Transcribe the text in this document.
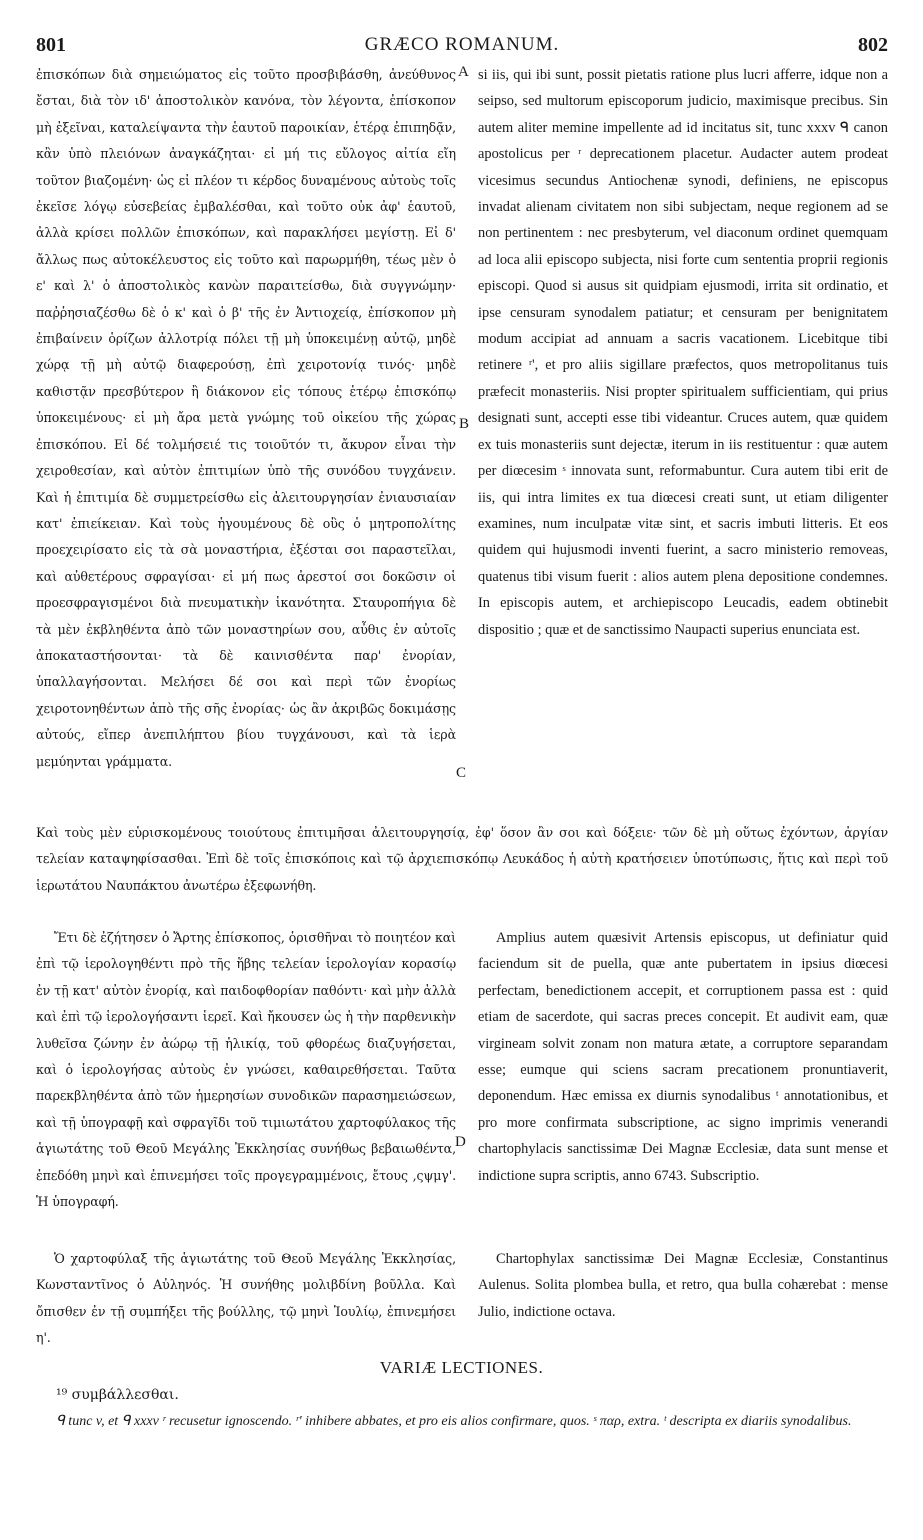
801	GRÆCO ROMANUM.	802
A
B
C
D

ἐπισκόπων διὰ σημειώματος εἰς τοῦτο προσβιβάσθη, ἀνεύθυνος ἔσται, διὰ τὸν ιδ' ἀποστολικὸν κανόνα, τὸν λέγοντα, ἐπίσκοπον μὴ ἐξεῖναι, καταλείψαντα τὴν ἑαυτοῦ παροικίαν, ἑτέρᾳ ἐπιπηδᾷν, κἂν ὑπὸ πλειόνων ἀναγκάζηται· εἰ μή τις εὔλογος αἰτία εἴη τοῦτον βιαζομένη· ὡς εἰ πλέον τι κέρδος δυναμένους αὐτοὺς τοῖς ἐκεῖσε λόγῳ εὐσεβείας ἐμβαλέσθαι, καὶ τοῦτο οὐκ ἀφ' ἑαυτοῦ, ἀλλὰ κρίσει πολλῶν ἐπισκόπων, καὶ παρακλήσει μεγίστῃ. Εἰ δ' ἄλλως πως αὐτοκέλευστος εἰς τοῦτο καὶ παρωρμήθη, τέως μὲν ὁ ε' καὶ λ' ὁ ἀποστολικὸς κανὼν παραιτείσθω, διὰ συγγνώμην· παῤῥησιαζέσθω δὲ ὁ κ' καὶ ὁ β' τῆς ἐν Ἀντιοχείᾳ, ἐπίσκοπον μὴ ἐπιβαίνειν ὁρίζων ἀλλοτρίᾳ πόλει τῇ μὴ ὑποκειμένῃ αὐτῷ, μηδὲ χώρᾳ τῇ μὴ αὐτῷ διαφερούσῃ, ἐπὶ χειροτονίᾳ τινός· μηδὲ καθιστᾷν πρεσβύτερον ἢ διάκονον εἰς τόπους ἑτέρῳ ἐπισκόπῳ ὑποκειμένους· εἰ μὴ ἄρα μετὰ γνώμης τοῦ οἰκείου τῆς χώρας ἐπισκόπου. Εἰ δέ τολμήσειέ τις τοιοῦτόν τι, ἄκυρον εἶναι τὴν χειροθεσίαν, καὶ αὐτὸν ἐπιτιμίων ὑπὸ τῆς συνόδου τυγχάνειν. Καὶ ἡ ἐπιτιμία δὲ συμμετρείσθω εἰς ἀλειτουργησίαν ἐνιαυσιαίαν κατ' ἐπιείκειαν. Καὶ τοὺς ἡγουμένους δὲ οὓς ὁ μητροπολίτης προεχειρίσατο εἰς τὰ σὰ μοναστήρια, ἐξέσται σοι παραστεῖλαι, καὶ αὐθετέρους σφραγίσαι· εἰ μή πως ἀρεστοί σοι δοκῶσιν οἱ προεσφραγισμένοι διὰ πνευματικὴν ἱκανότητα. Σταυροπήγια δὲ τὰ μὲν ἐκβληθέντα ἀπὸ τῶν μοναστηρίων σου, αὖθις ἐν αὐτοῖς ἀποκαταστήσονται· τὰ δὲ καινισθέντα παρ' ἐνορίαν, ὑπαλλαγήσονται. Μελήσει δέ σοι καὶ περὶ τῶν ἐνορίως χειροτονηθέντων ἀπὸ τῆς σῆς ἐνορίας· ὡς ἂν ἀκριβῶς δοκιμάσῃς αὐτούς, εἴπερ ἀνεπιλήπτου βίου τυγχάνουσι, καὶ τὰ ἱερὰ μεμύηνται γράμματα.

si iis, qui ibi sunt, possit pietatis ratione plus lucri afferre, idque non a seipso, sed multorum episcoporum judicio, maximisque precibus. Sin autem aliter memine impellente ad id incitatus sit, tunc xxxv ᑫ canon apostolicus per ʳ deprecationem placetur. Audacter autem prodeat vicesimus secundus Antiochenæ synodi, definiens, ne episcopus invadat alienam civitatem non sibi subjectam, neque regionem ad se non pertinentem : nec presbyterum, vel diaconum ordinet quemquam ad loca alii episcopo subjecta, nisi forte cum sententia proprii regionis episcopi. Quod si ausus sit quidpiam ejusmodi, irrita sit ordinatio, et ipse censuram synodalem patiatur; et censuram per benignitatem modum accipiat ad annuam a sacris vacationem. Licebitque tibi retinere ʳ', et pro aliis sigillare præfectos, quos metropolitanus tuis præfecit monasteriis. Nisi propter spiritualem sufficientiam, qui prius designati sunt, accepti esse tibi videantur. Cruces autem, quæ quidem ex tuis monasteriis sunt dejectæ, iterum in iis restituentur : quæ autem per diœcesim ˢ innovata sunt, reformabuntur. Cura autem tibi erit de iis, qui intra limites ex tua diœcesi creati sunt, ut etiam diligenter examines, num inculpatæ vitæ sint, et sacris imbuti litteris. Et eos quidem qui hujusmodi inventi fuerint, a sacro ministerio removeas, quatenus tibi visum fuerit : alios autem plena depositione condemnes. In episcopis autem, et archiepiscopo Leucadis, eadem obtinebit dispositio ; quæ et de sanctissimo Naupacti superius enunciata est.

Καὶ τοὺς μὲν εὑρισκομένους τοιούτους ἐπιτιμῆσαι ἀλειτουργησίᾳ, ἐφ' ὅσον ἂν σοι καὶ δόξειε· τῶν δὲ μὴ οὕτως ἐχόντων, ἀργίαν τελείαν καταψηφίσασθαι. Ἐπὶ δὲ τοῖς ἐπισκόποις καὶ τῷ ἀρχιεπισκόπῳ Λευκάδος ἡ αὐτὴ κρατήσειεν ὑποτύπωσις, ἥτις καὶ περὶ τοῦ ἱερωτάτου Ναυπάκτου ἀνωτέρω ἐξεφωνήθη.

Ἔτι δὲ ἐζήτησεν ὁ Ἄρτης ἐπίσκοπος, ὁρισθῆναι τὸ ποιητέον καὶ ἐπὶ τῷ ἱερολογηθέντι πρὸ τῆς ἥβης τελείαν ἱερολογίαν κορασίῳ ἐν τῇ κατ' αὐτὸν ἐνορίᾳ, καὶ παιδοφθορίαν παθόντι· καὶ μὴν ἀλλὰ καὶ ἐπὶ τῷ ἱερολογήσαντι ἱερεῖ. Καὶ ἤκουσεν ὡς ἡ τὴν παρθενικὴν λυθεῖσα ζώνην ἐν ἀώρῳ τῇ ἡλικίᾳ, τοῦ φθορέως διαζυγήσεται, καὶ ὁ ἱερολογήσας αὐτοὺς ἐν γνώσει, καθαιρεθήσεται. Ταῦτα παρεκβληθέντα ἀπὸ τῶν ἡμερησίων συνοδικῶν παρασημειώσεων, καὶ τῇ ὑπογραφῇ καὶ σφραγῖδι τοῦ τιμιωτάτου χαρτοφύλακος τῆς ἁγιωτάτης τοῦ Θεοῦ Μεγάλης Ἐκκλησίας συνήθως βεβαιωθέντα, ἐπεδόθη μηνὶ καὶ ἐπινεμήσει τοῖς προγεγραμμένοις, ἔτους ,ςψμγ'. Ἡ ὑπογραφή.

Amplius autem quæsivit Artensis episcopus, ut definiatur quid faciendum sit de puella, quæ ante pubertatem in ipsius diœcesi perfectam, benedictionem accepit, et corruptionem passa est : quid etiam de sacerdote, qui sacras preces concepit. Et audivit eam, quæ virgineam solvit zonam non matura ætate, a corruptore separandam esse; eumque qui sciens sacram precationem pronuntiaverit, deponendum. Hæc emissa ex diurnis synodalibus ᵗ annotationibus, et pro more confirmata subscriptione, ac signo imprimis venerandi chartophylacis sanctissimæ Dei Magnæ Ecclesiæ, data sunt mense et indictione supra scriptis, anno 6743. Subscriptio.

Ὁ χαρτοφύλαξ τῆς ἁγιωτάτης τοῦ Θεοῦ Μεγάλης Ἐκκλησίας, Κωνσταντῖνος ὁ Αὐληνός. Ἡ συνήθης μολιβδίνη βοῦλλα. Καὶ ὄπισθεν ἐν τῇ συμπήξει τῆς βούλλης, τῷ μηνὶ Ἰουλίῳ, ἐπινεμήσει η'.

Chartophylax sanctissimæ Dei Magnæ Ecclesiæ, Constantinus Aulenus. Solita plombea bulla, et retro, qua bulla cohærebat : mense Julio, indictione octava.

VARIÆ LECTIONES.
¹⁹ συμβάλλεσθαι.
ᑫ tunc v, et ᑫ xxxv ʳ recusetur ignoscendo. ʳ' inhibere abbates, et pro eis alios confirmare, quos. ˢ παρ, extra. ᵗ descripta ex diariis synodalibus.
